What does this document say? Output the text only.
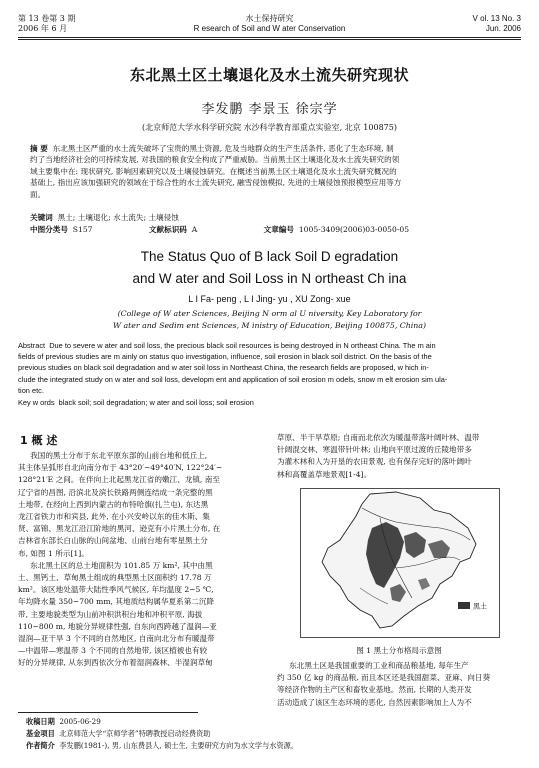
第 13 卷第 3 期
2006 年 6 月
水土保持研究
R esearch of Soil and W ater Conservation
V ol. 13 No. 3
Jun. 2006
东北黑土区土壤退化及水土流失研究现状
李发鹏 李景玉 徐宗学
(北京师范大学水科学研究院 水沙科学教育部重点实验室, 北京 100875)
摘 要 东北黑土区严重的水土流失破坏了宝贵的黑土资源, 危及当地群众的生产生活条件, 恶化了生态环境, 制
约了当地经济社会的可持续发展, 对我国的粮食安全构成了严重威胁。当前黑土区土壤退化及水土流失研究的领
域主要集中在: 现状研究, 影响因素研究以及土壤侵蚀研究。在概述当前黑土区土壤退化及水土流失研究概况的
基础上, 指出应该加强研究的领域在于综合性的水土流失研究, 融雪侵蚀模拟, 先进的土壤侵蚀预报模型应用等方
面。
关键词 黑土; 土壤退化; 水土流失; 土壤侵蚀
中图分类号 S157	文献标识码 A	文章编号 1005-3409(2006)03-0050-05
The Status Quo of B lack Soil D egradation
and W ater and Soil Loss in N ortheast Ch ina
L I Fa- peng , L I Jing- yu , XU Zong- xue
(College of W ater Sciences, Beijing N orm al U niversity, Key Laboratory for
W ater and Sedim ent Sciences, M inistry of Education, Beijing 100875, China)
Abstract Due to severe w ater and soil loss, the precious black soil resources is being destroyed in N ortheast China. The m ain
fields of previous studies are m ainly on status quo investigation, influence, soil erosion in black soil district. On the basis of the
previous studies on black soil degradation and w ater soil loss in Northeast China, the research fields are proposed, w hich in-
clude the integrated study on w ater and soil loss, developm ent and application of soil erosion m odels, snow m elt erosion sim ula-
tion etc.
Key w ords black soil; soil degradation; w ater and soil loss; soil erosion
1 概 述
我国的黑土分布于东北平原东部的山前台地和低丘上,
其主体呈弧形自北向南分布于 43°20′~49°40′N, 122°24′~
128°21′E 之间。在伴向上北起黑龙江省的嫩江、龙镇, 南至
辽宁省的昌图, 沿滨北及滨长铁路两侧连结成一条完整的黑
土地带, 在经向上西到内蒙古的布特哈旗(扎兰屯), 东达黑
龙江省铁力市和宾县, 此外, 在小兴安岭以东的佳木斯、集
贤、富锦、黑龙江沿江阶地的黑河、逊克有小片黑土分布, 在
吉林省东部长白山脉的山间盆地、山前台地有零星黑土分
布, 如图 1 所示[1]。
东北黑土区的总土地面积为 101.85 万 km², 其中由黑
土、黑钙土、草甸黑土组成的典型黑土区面积约 17.78 万
km²。该区地处温带大陆性季风气候区, 年均温度 2~5 ℃,
年均降水量 350~700 mm, 其地质结构属华夏系第二沉降
带, 主要地貌类型为山前冲积洪积台地和冲积平原, 海拔
110~800 m, 地貌分异规律性强, 自东向西跨越了温润—亚
湿润—亚干旱 3 个不同的自然地区, 自南向北分布有暖温带
—中温带—寒温带 3 个不同的自然地带, 该区植被也有较
好的分异规律, 从东到西依次分布着湿润森林、半湿润草甸
草原、半干旱草原; 自南而北依次为暖温带落叶阔叶林、温带
针阔混交林、寒温带针叶林; 山地向平原过渡的丘陵地带多
为灌木林和人为开垦的农田景观, 也有保存完好的落叶阔叶
林和高覆盖草地景观[1-4]。
黑土
图 1 黑土分布格局示意图
东北黑土区是我国重要的工业和商品粮基地, 每年生产
约 350 亿 kg 的商品粮, 而且本区还是我国甜菜、亚麻、向日葵
等经济作物的主产区和畜牧业基地。然而, 长期的人类开发
活动造成了该区生态环境的恶化, 自然因素影响加上人为不
收稿日期 2005-06-29
基金项目 北京师范大学“京师学者”特聘教授启动经费资助
作者简介 李发鹏(1981-), 男, 山东费县人, 硕士生, 主要研究方向为水文学与水资源。
